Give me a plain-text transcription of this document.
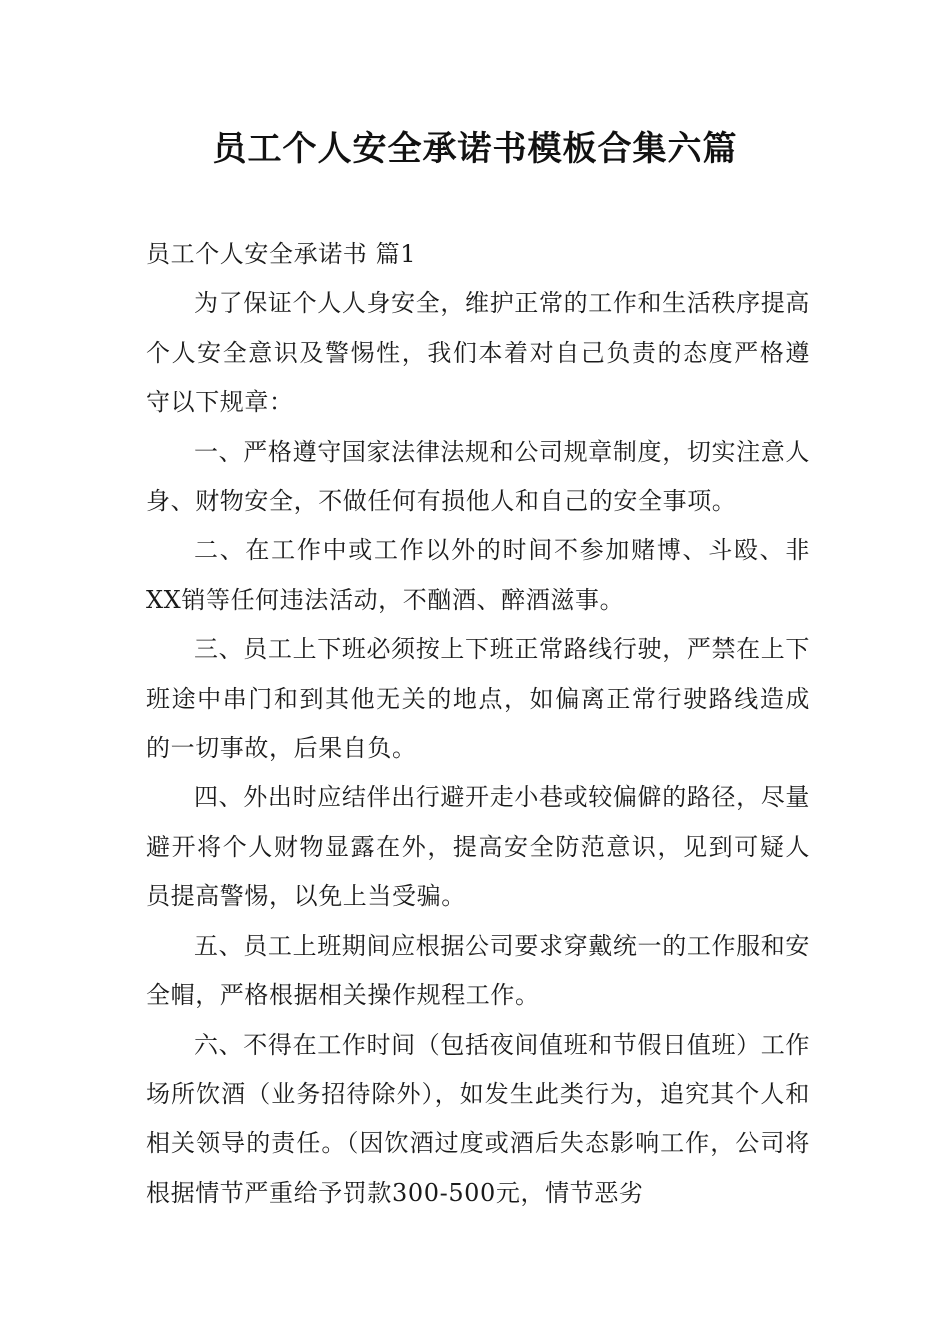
员工个人安全承诺书模板合集六篇

员工个人安全承诺书 篇1

为了保证个人人身安全，维护正常的工作和生活秩序提高个人安全意识及警惕性，我们本着对自己负责的态度严格遵守以下规章：

一、严格遵守国家法律法规和公司规章制度，切实注意人身、财物安全，不做任何有损他人和自己的安全事项。

二、在工作中或工作以外的时间不参加赌博、斗殴、非XX销等任何违法活动，不酗酒、醉酒滋事。

三、员工上下班必须按上下班正常路线行驶，严禁在上下班途中串门和到其他无关的地点，如偏离正常行驶路线造成的一切事故，后果自负。

四、外出时应结伴出行避开走小巷或较偏僻的路径，尽量避开将个人财物显露在外，提高安全防范意识，见到可疑人员提高警惕，以免上当受骗。

五、员工上班期间应根据公司要求穿戴统一的工作服和安全帽，严格根据相关操作规程工作。

六、不得在工作时间（包括夜间值班和节假日值班）工作场所饮酒（业务招待除外），如发生此类行为，追究其个人和相关领导的责任。（因饮酒过度或酒后失态影响工作，公司将根据情节严重给予罚款300-500元，情节恶劣
